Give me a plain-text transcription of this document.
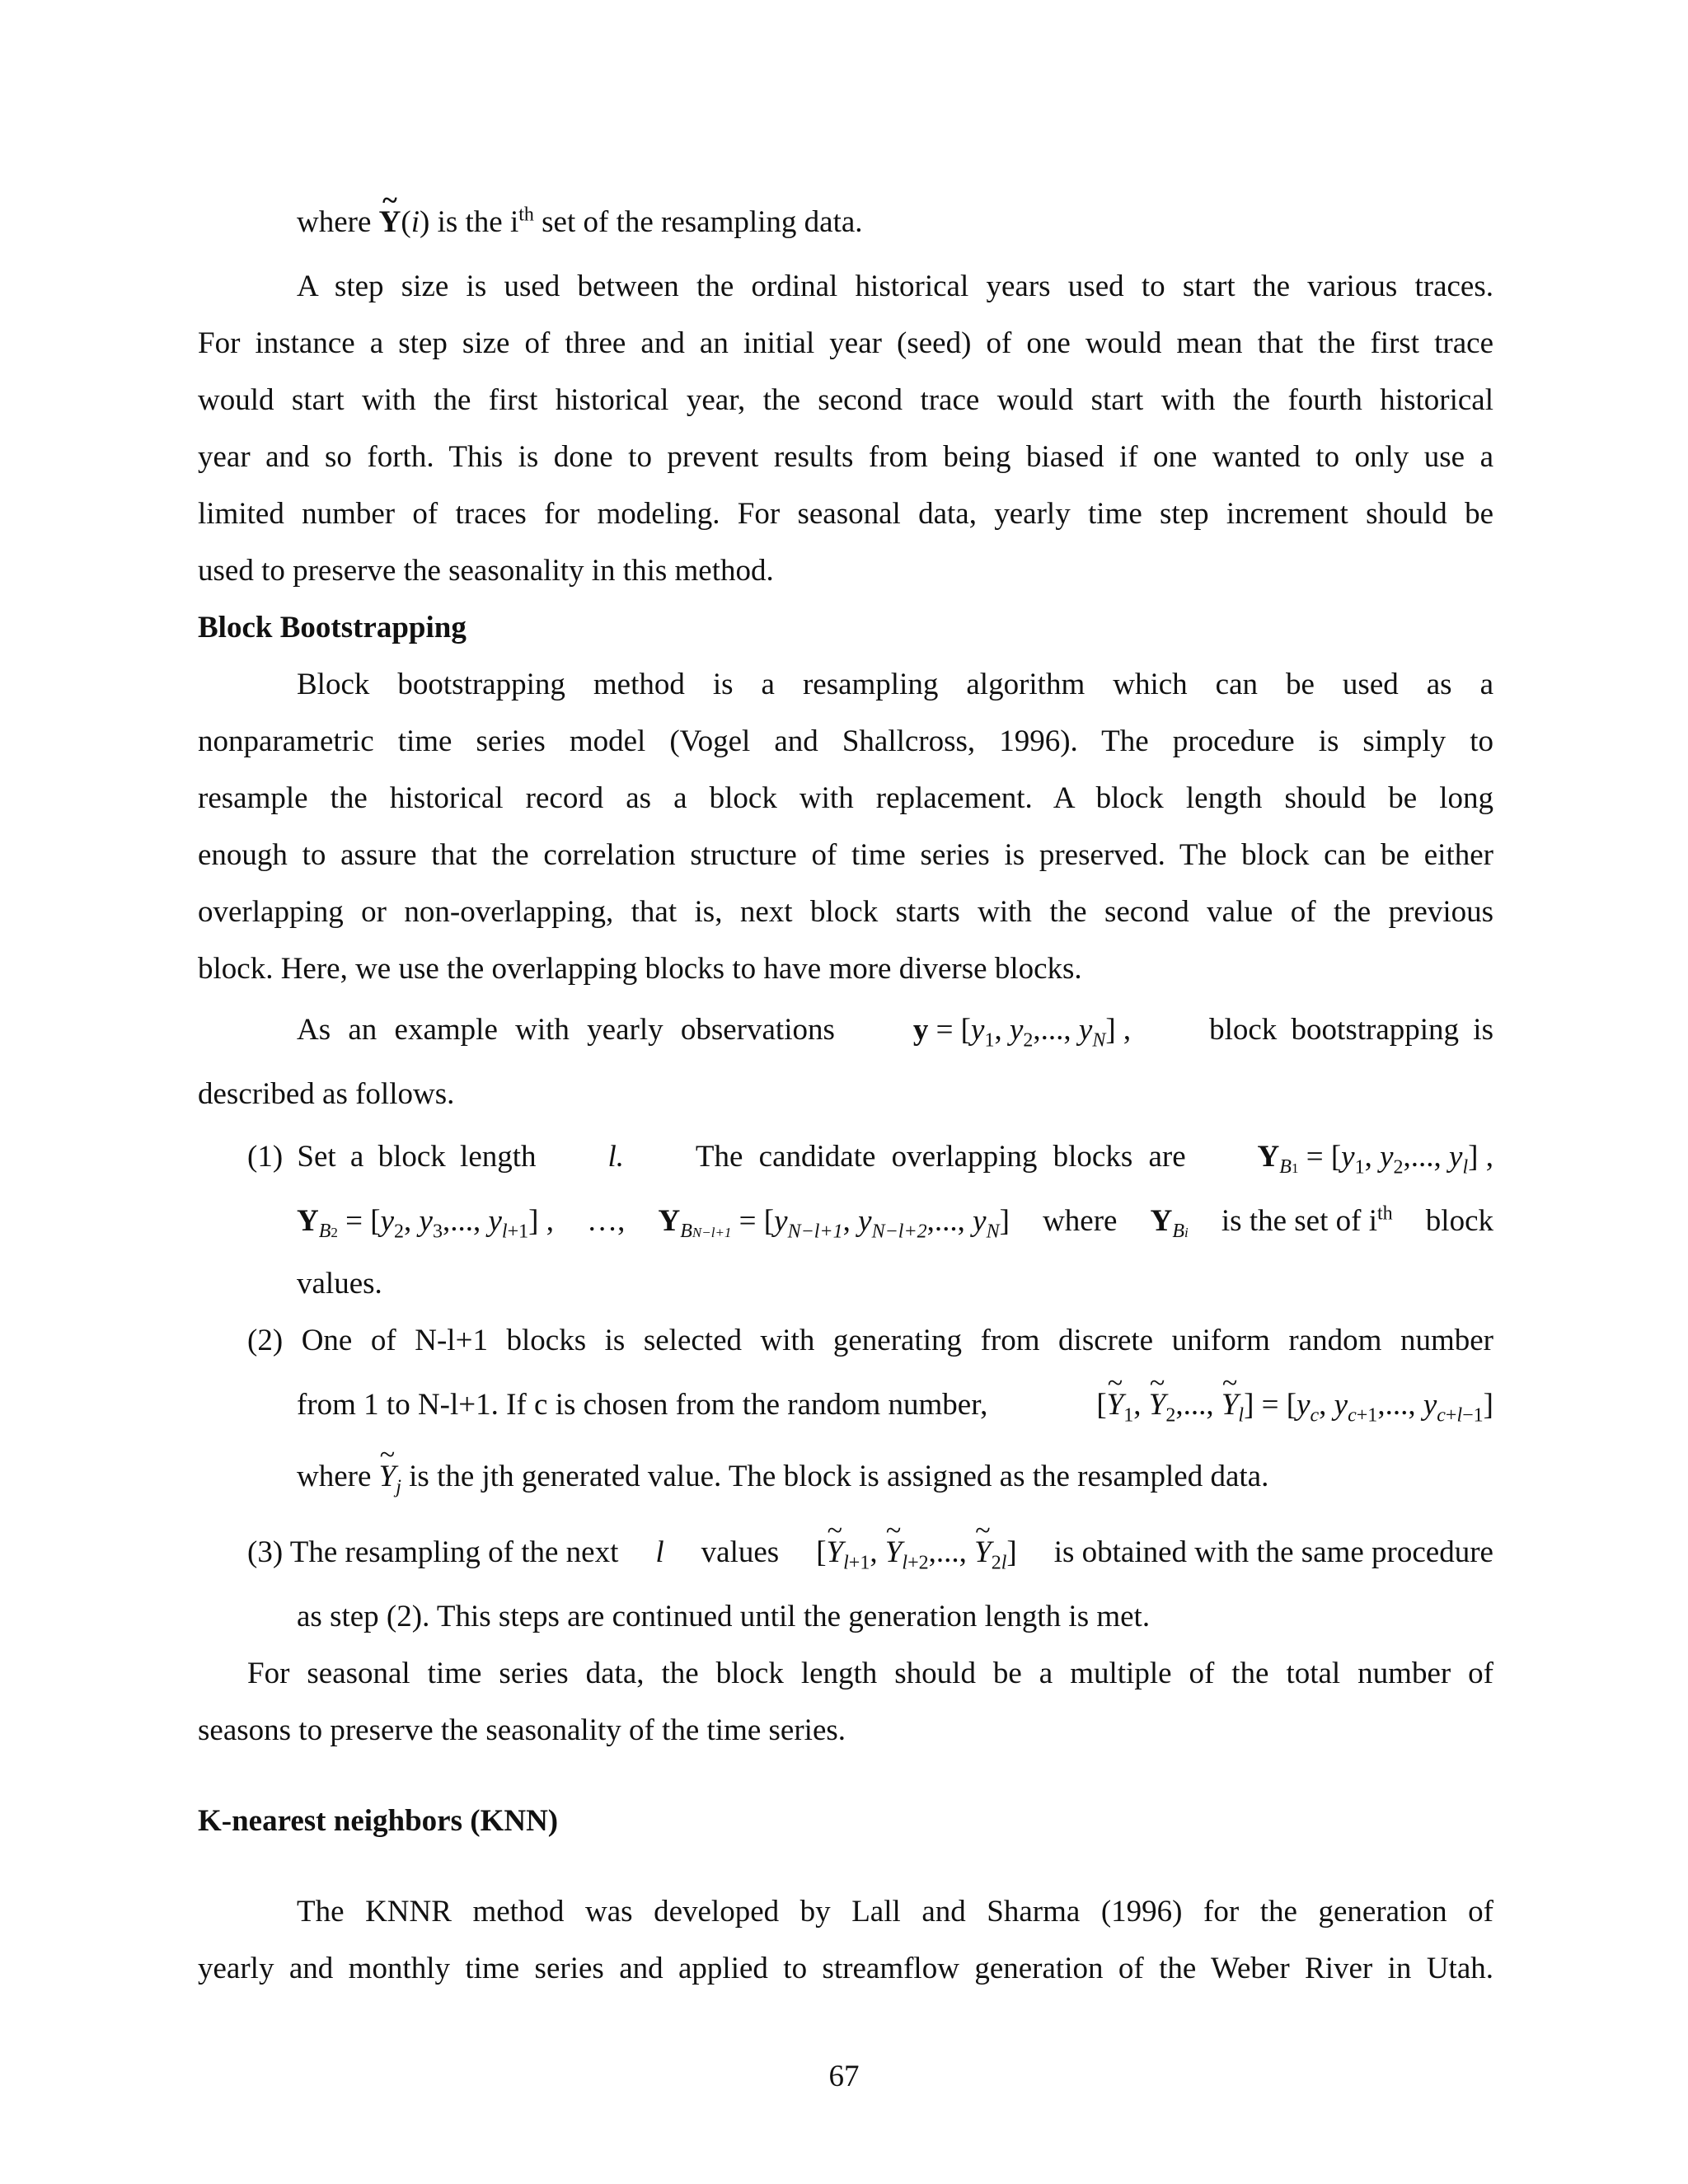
where ~ Y(i) is the $i^{th}$ set of the resampling data.
A step size is used between the ordinal historical years used to start the various traces.
For instance a step size of three and an initial year (seed) of one would mean that the first trace
would start with the first historical year, the second trace would start with the fourth historical
year and so forth. This is done to prevent results from being biased if one wanted to only use a
limited number of traces for modeling. For seasonal data, yearly time step increment should be
used to preserve the seasonality in this method.
Block Bootstrapping
Block bootstrapping method is a resampling algorithm which can be used as a
nonparametric time series model (Vogel and Shallcross, 1996). The procedure is simply to
resample the historical record as a block with replacement. A block length should be long
enough to assure that the correlation structure of time series is preserved. The block can be either
overlapping or non-overlapping, that is, next block starts with the second value of the previous
block. Here, we use the overlapping blocks to have more diverse blocks.
As an example with yearly observations	$y = [y_1$, $y_2$,..., $y_N$] ,	block bootstrapping is
described as follows.
(1) Set a block length l. The candidate overlapping blocks are $Y_{B1} = [y_1$, $y_2$,..., $y_l$] ,
$Y_{B2} = [y_2$, $y_3$,..., $y_{l+1}$] , …, $Y_{BN-l+1} = [y_{N-l+1}$, $y_{N-l+2}$,..., $y_N$] where $Y_{Bi}$ is the set of $i^{th}$ block
values.
(2) One of N-l+1 blocks is selected with generating from discrete uniform random number
from 1 to N-l+1. If c is chosen from the random number,	[~ $Y_1$, ~ $Y_2$,..., ~ $Y_l] = [y_c$, $y_{c+1}$,..., $y_{c+l-1}$]
where ~ $Y_j$ is the jth generated value. The block is assigned as the resampled data.
(3) The resampling of the next l values [~ $Y_{l+1}$, ~ $Y_{l+2}$,..., ~ $Y_{2l}$] is obtained with the same procedure
as step (2). This steps are continued until the generation length is met.
For seasonal time series data, the block length should be a multiple of the total number of
seasons to preserve the seasonality of the time series.
K-nearest neighbors (KNN)
The KNNR method was developed by Lall and Sharma (1996) for the generation of
yearly and monthly time series and applied to streamflow generation of the Weber River in Utah.
67
